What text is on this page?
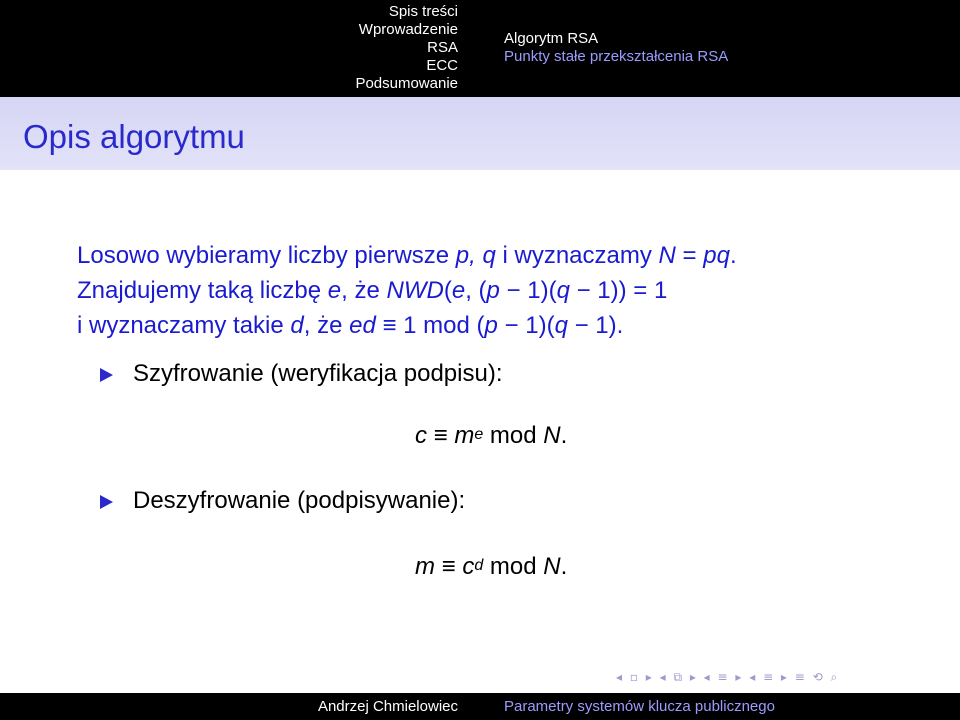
Spis treści
Wprowadzenie
RSA
ECC
Podsumowanie
Algorytm RSA
Punkty stałe przekształcenia RSA
Opis algorytmu
Losowo wybieramy liczby pierwsze p, q i wyznaczamy N = pq.
Znajdujemy taką liczbę e, że NWD(e, (p − 1)(q − 1)) = 1
i wyznaczamy takie d, że ed ≡ 1 mod (p − 1)(q − 1).
Szyfrowanie (weryfikacja podpisu):
$c \equiv m^e$ mod N.
Deszyfrowanie (podpisywanie):
$m \equiv c^d$ mod N.
◂ ▫ ▸ ◂ ⧉ ▸ ◂ ≡ ▸ ◂ ≡ ▸ ≡ ⟲ ⌕
Andrzej Chmielowiec	Parametry systemów klucza publicznego
